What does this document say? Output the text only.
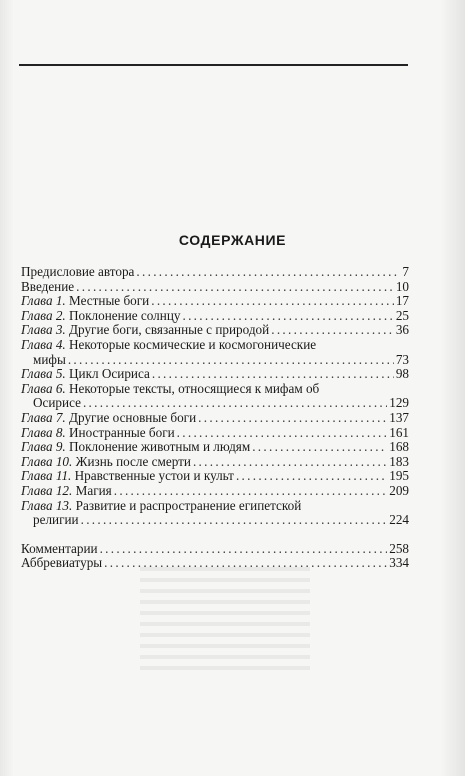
СОДЕРЖАНИЕ
Предисловие автора . . .	7
Введение . . .	10
Глава 1. Местные боги . . .	17
Глава 2. Поклонение солнцу . . .	25
Глава 3. Другие боги, связанные с природой . . .	36
Глава 4. Некоторые космические и космогонические
мифы . . .	73
Глава 5. Цикл Осириса . . .	98
Глава 6. Некоторые тексты, относящиеся к мифам об
Осирисе . . .	129
Глава 7. Другие основные боги . . .	137
Глава 8. Иностранные боги . . .	161
Глава 9. Поклонение животным и людям . . .	168
Глава 10. Жизнь после смерти . . .	183
Глава 11. Нравственные устои и культ . . .	195
Глава 12. Магия . . .	209
Глава 13. Развитие и распространение египетской
религии . . .	224
Комментарии . . .	258
Аббревиатуры . . .	334
